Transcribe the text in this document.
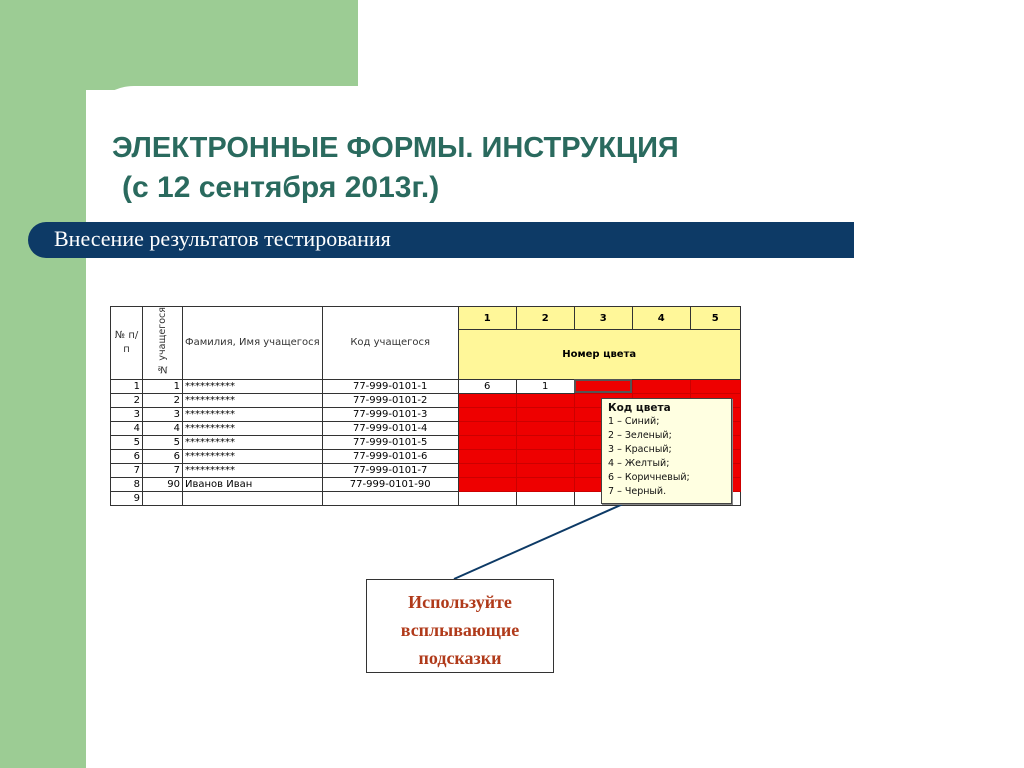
ЭЛЕКТРОННЫЕ ФОРМЫ. ИНСТРУКЦИЯ
(с 12 сентября 2013г.)
Внесение результатов тестирования
№ п/п	№ учащегося	Фамилия, Имя учащегося	Код учащегося	1	2	3	4	5
				Номер цвета				
1	1	**********	77-999-0101-1	6	1			
2	2	**********	77-999-0101-2					
3	3	**********	77-999-0101-3					
4	4	**********	77-999-0101-4					
5	5	**********	77-999-0101-5					
6	6	**********	77-999-0101-6					
7	7	**********	77-999-0101-7					
8	90	Иванов Иван	77-999-0101-90					
9								
Код цвета
1 – Синий;
2 – Зеленый;
3 – Красный;
4 – Желтый;
6 – Коричневый;
7 – Черный.
Используйте
всплывающие
подсказки
